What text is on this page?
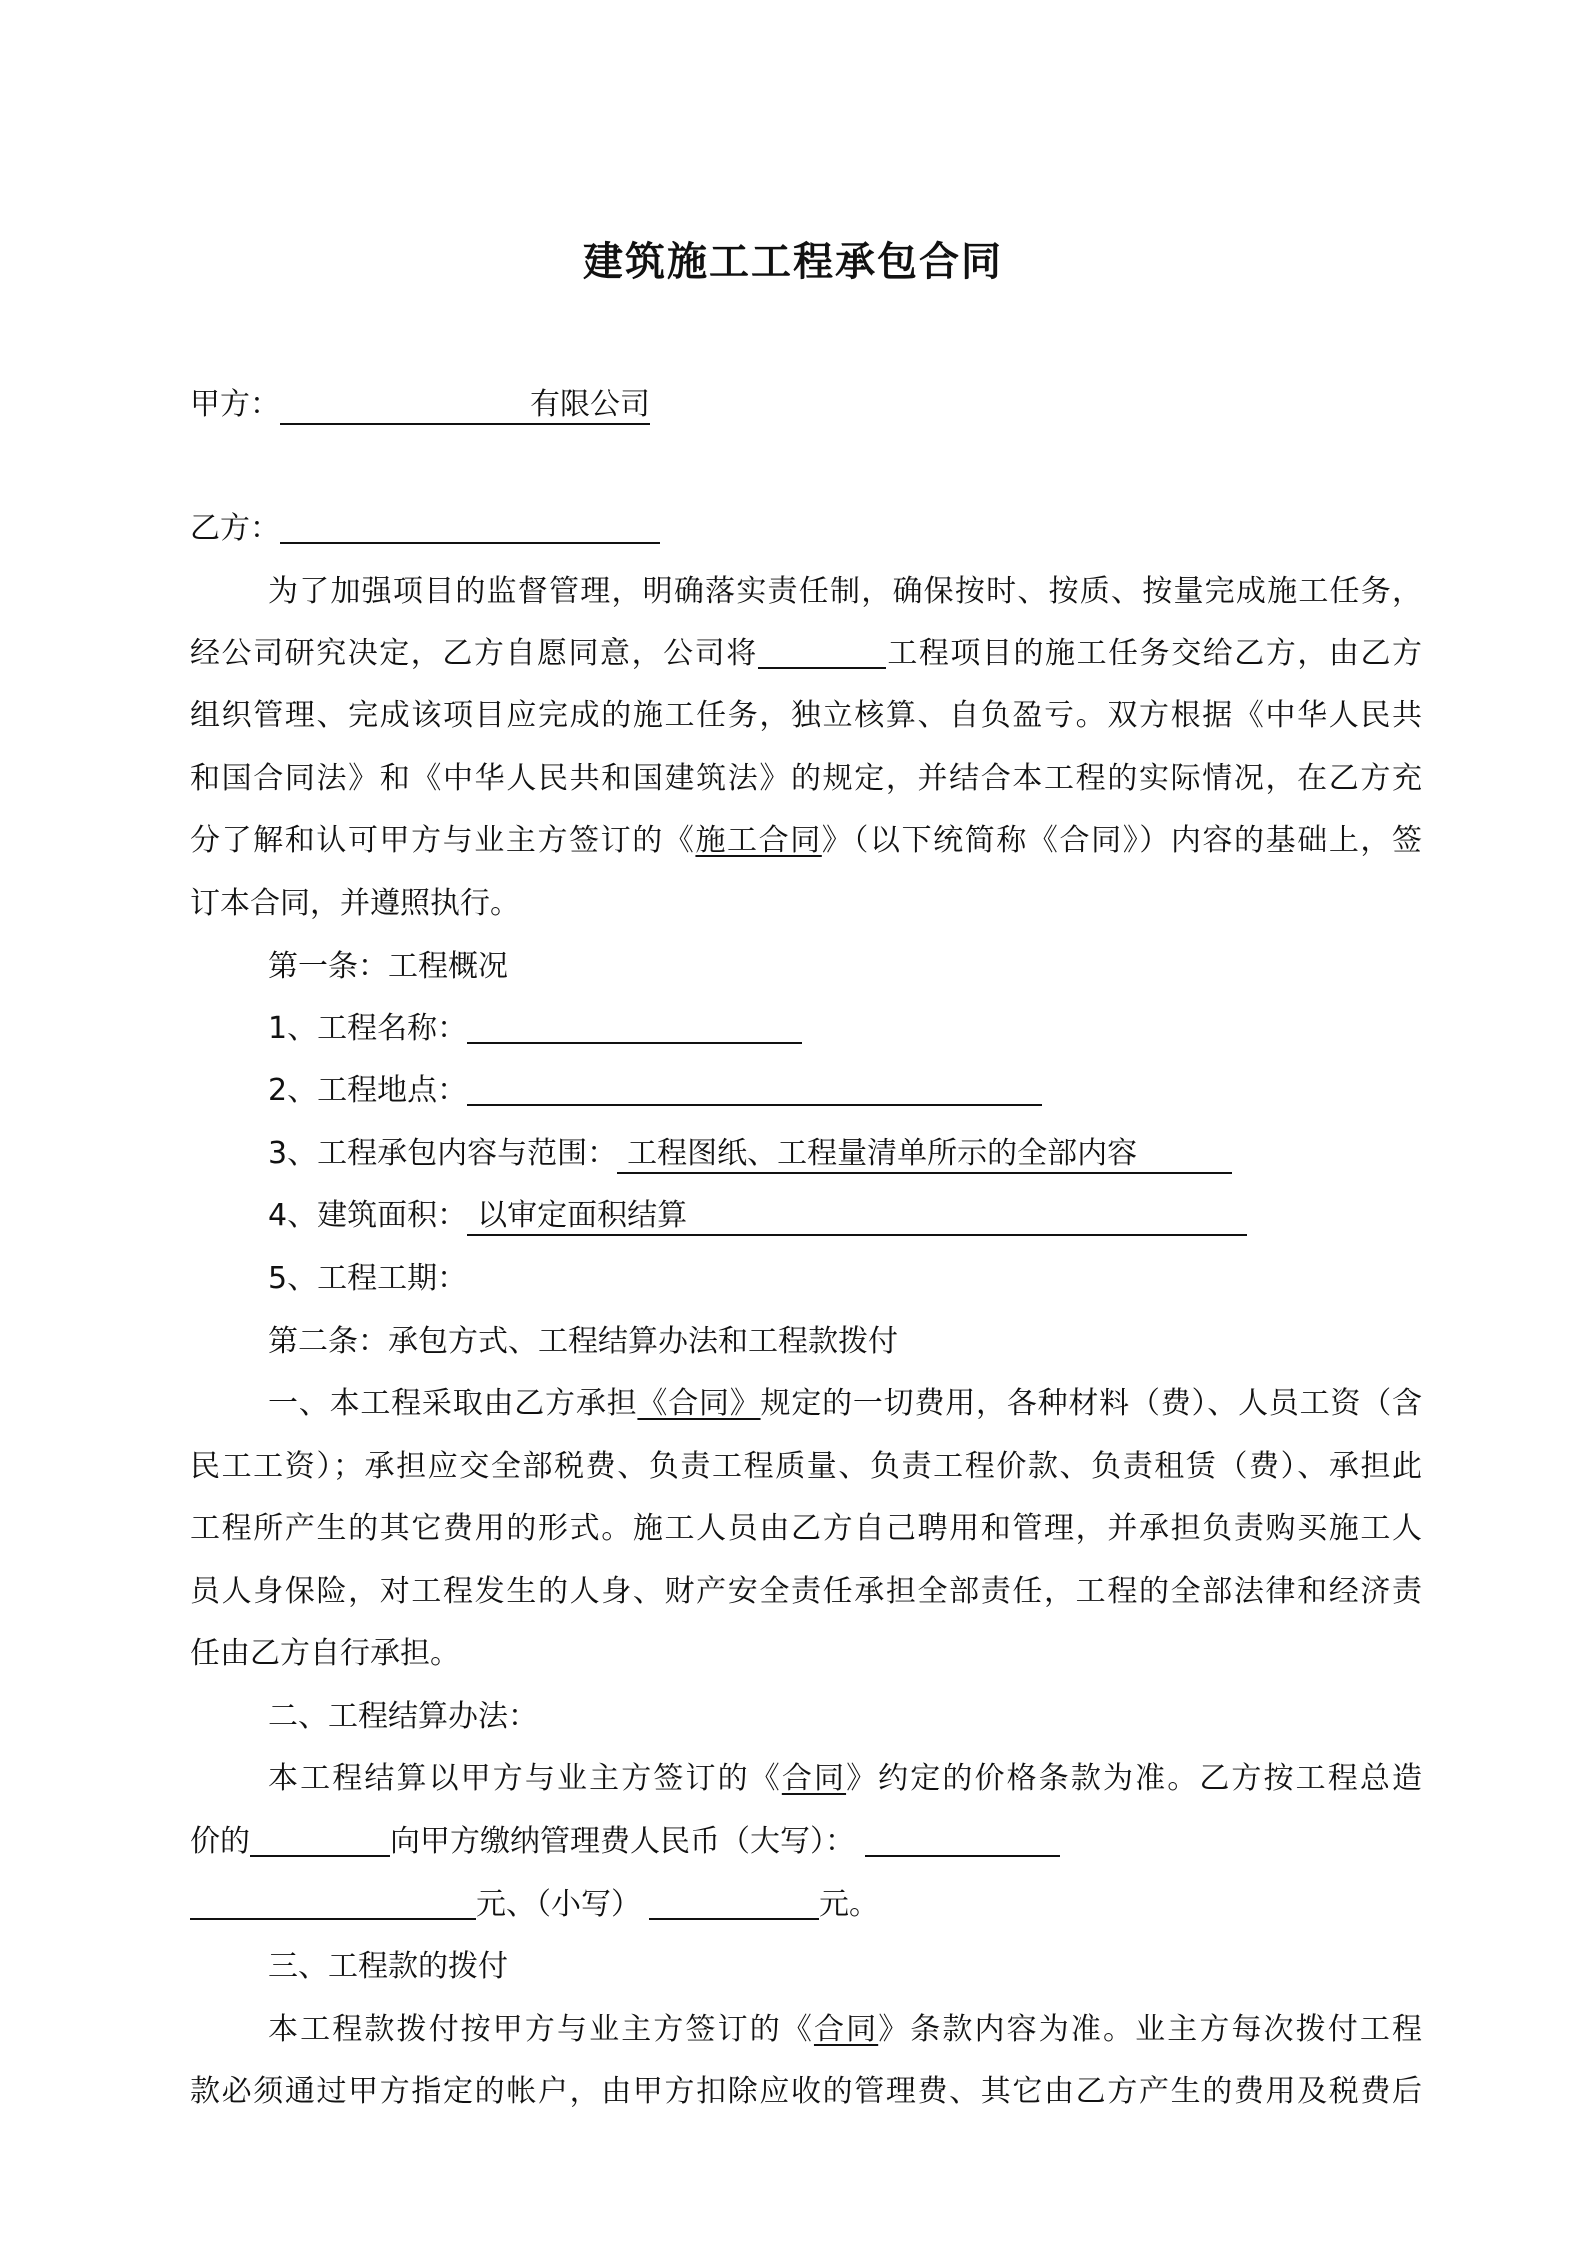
建筑施工工程承包合同
甲方：	有限公司
乙方：
为了加强项目的监督管理，明确落实责任制，确保按时、按质、按量完成施工任务，
经公司研究决定，乙方自愿同意，公司将	工程项目的施工任务交给乙方，由乙方
组织管理、完成该项目应完成的施工任务，独立核算、自负盈亏。双方根据《中华人民共
和国合同法》和《中华人民共和国建筑法》的规定，并结合本工程的实际情况，在乙方充
分了解和认可甲方与业主方签订的《施工合同》（以下统简称《合同》）内容的基础上，签
订本合同，并遵照执行。
第一条：工程概况
1、工程名称：
2、工程地点：
3、工程承包内容与范围： 工程图纸、工程量清单所示的全部内容
4、建筑面积： 以审定面积结算
5、工程工期：
第二条：承包方式、工程结算办法和工程款拨付
一、本工程采取由乙方承担《合同》规定的一切费用，各种材料（费）、人员工资（含
民工工资）；承担应交全部税费、负责工程质量、负责工程价款、负责租赁（费）、承担此
工程所产生的其它费用的形式。施工人员由乙方自己聘用和管理，并承担负责购买施工人
员人身保险，对工程发生的人身、财产安全责任承担全部责任，工程的全部法律和经济责
任由乙方自行承担。
二、工程结算办法：
本工程结算以甲方与业主方签订的《合同》约定的价格条款为准。乙方按工程总造
价的	向甲方缴纳管理费人民币（大写）：
元、（小写）	元。
三、工程款的拨付
本工程款拨付按甲方与业主方签订的《合同》条款内容为准。业主方每次拨付工程
款必须通过甲方指定的帐户，由甲方扣除应收的管理费、其它由乙方产生的费用及税费后
